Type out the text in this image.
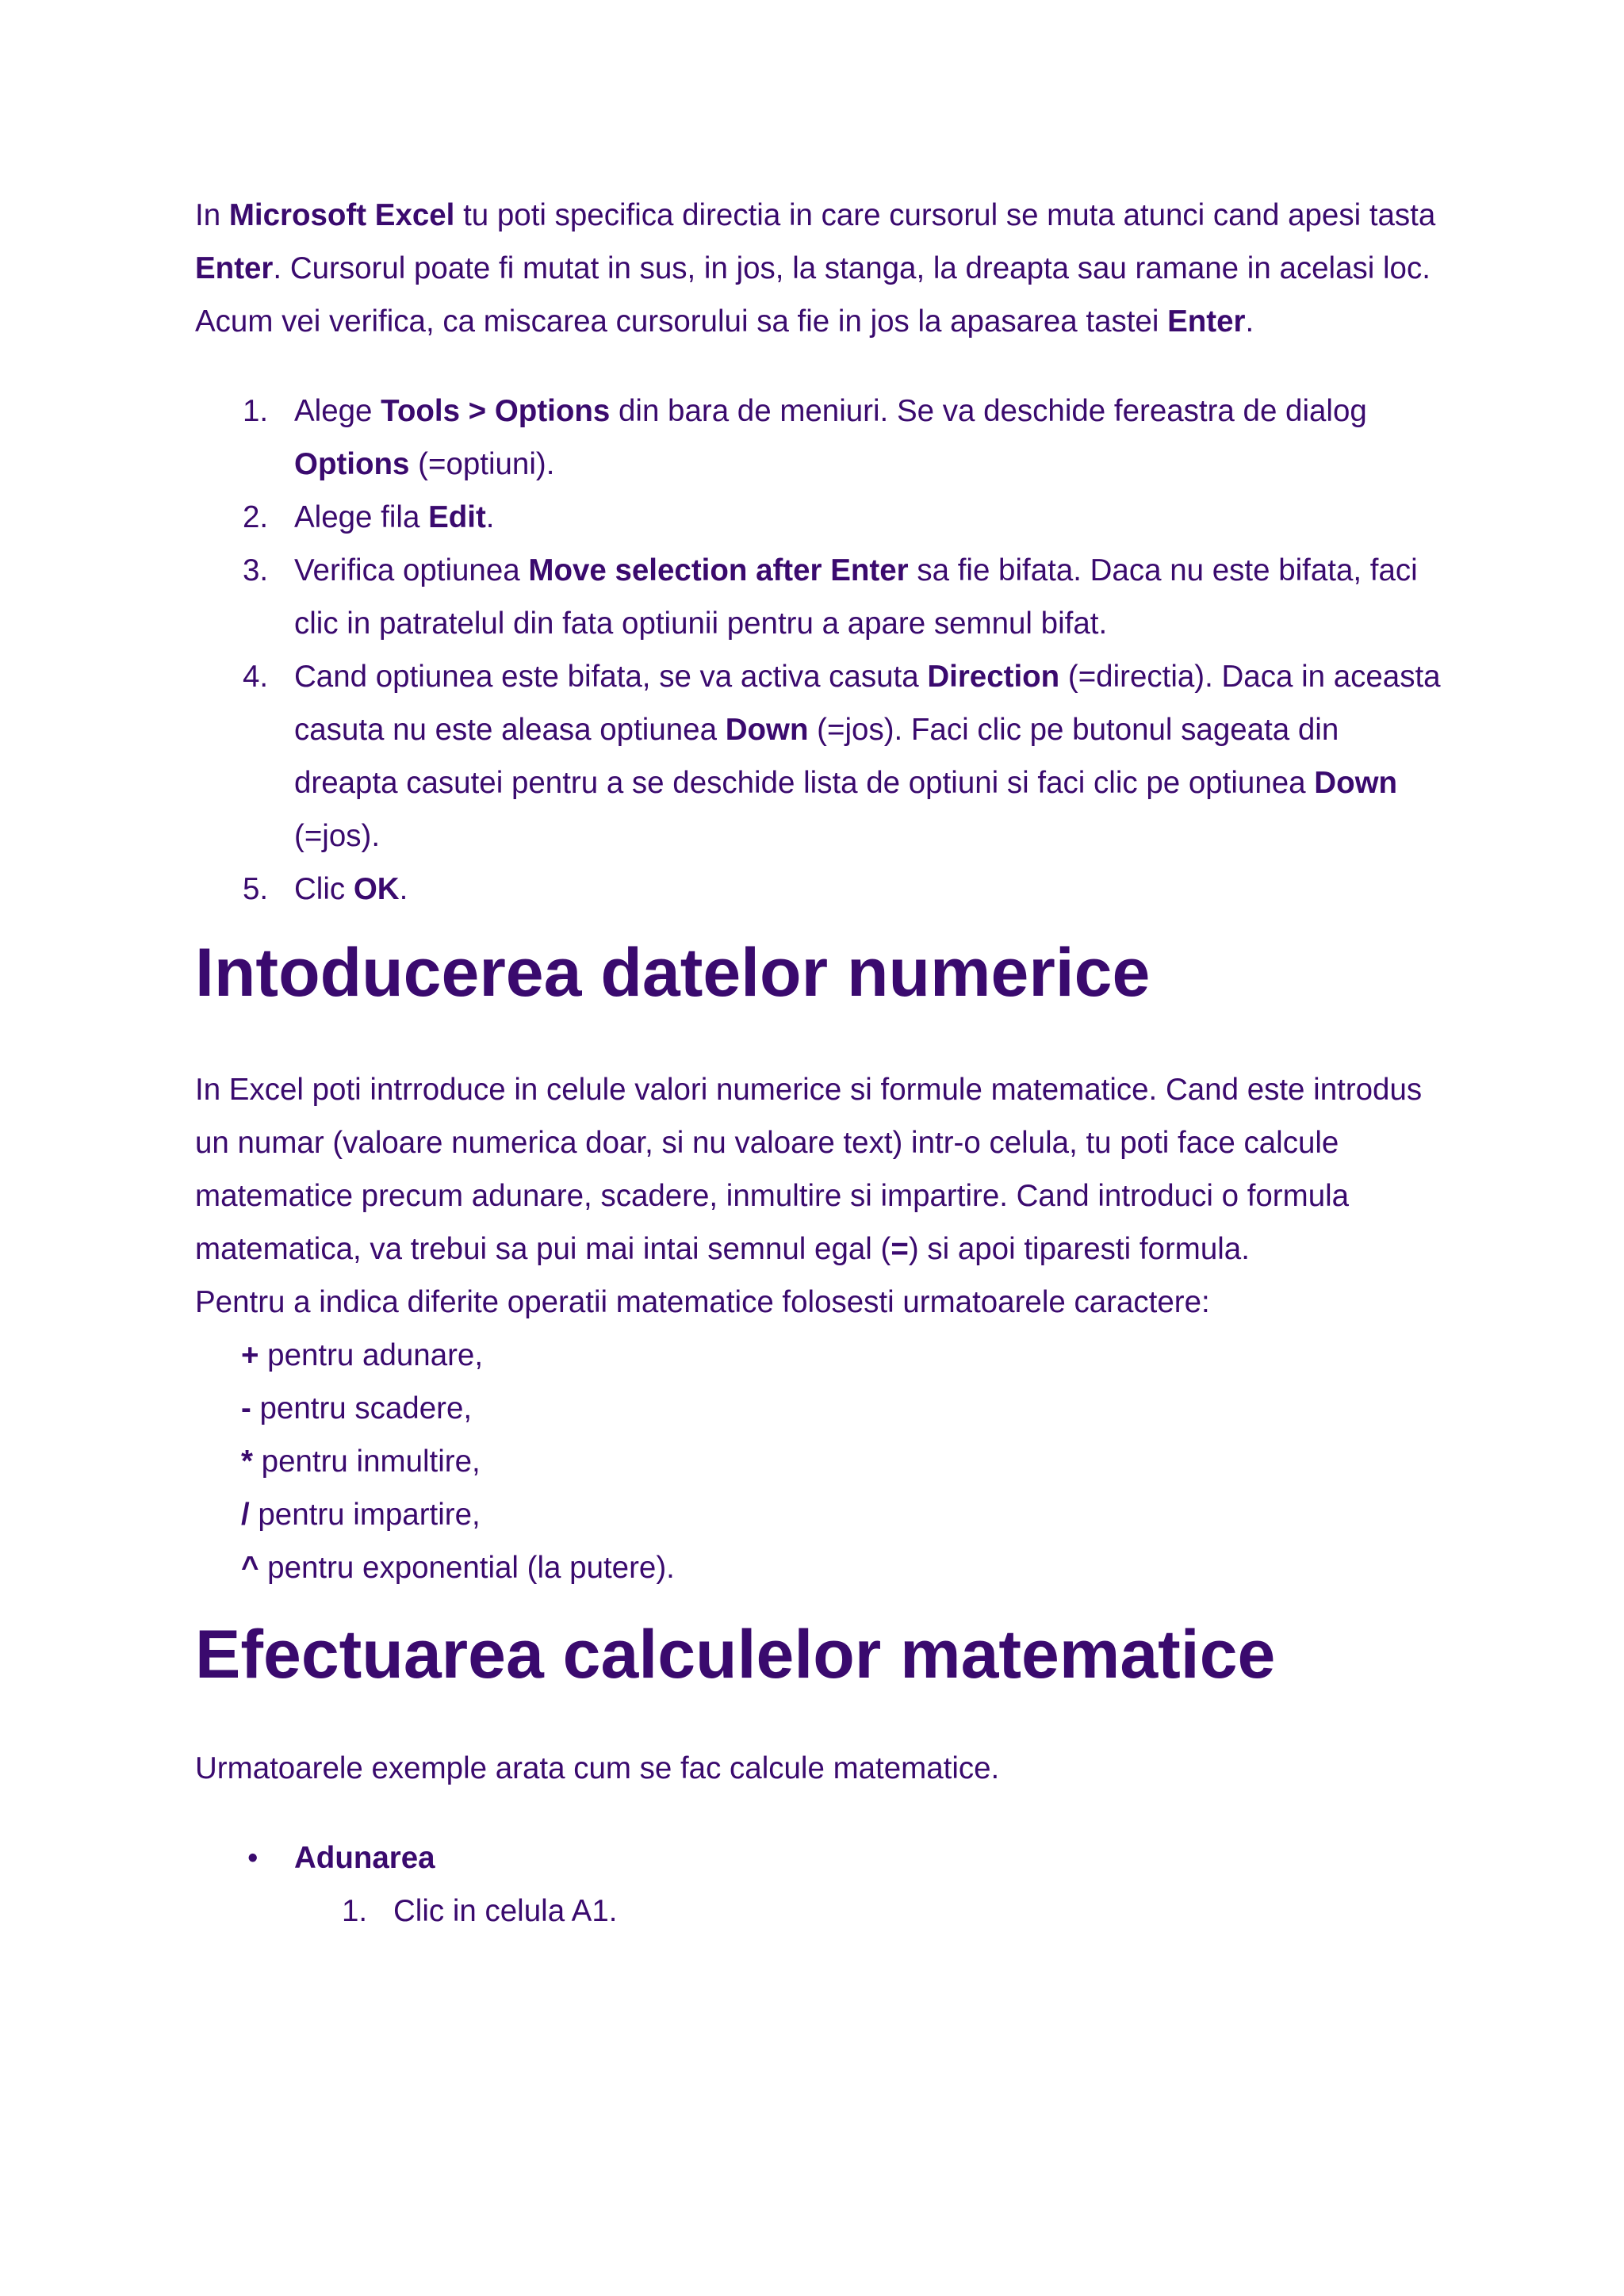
In Microsoft Excel tu poti specifica directia in care cursorul se muta atunci cand apesi tasta Enter. Cursorul poate fi mutat in sus, in jos, la stanga, la dreapta sau ramane in acelasi loc.

Acum vei verifica, ca miscarea cursorului sa fie in jos la apasarea tastei Enter.

1. Alege Tools > Options din bara de meniuri. Se va deschide fereastra de dialog Options (=optiuni).
2. Alege fila Edit.
3. Verifica optiunea Move selection after Enter sa fie bifata. Daca nu este bifata, faci clic in patratelul din fata optiunii pentru a apare semnul bifat.
4. Cand optiunea este bifata, se va activa casuta Direction (=directia). Daca in aceasta casuta nu este aleasa optiunea Down (=jos). Faci clic pe butonul sageata din dreapta casutei pentru a se deschide lista de optiuni si faci clic pe optiunea Down (=jos).
5. Clic OK.
Intoducerea datelor numerice

In Excel poti intrroduce in celule valori numerice si formule matematice. Cand este introdus un numar (valoare numerica doar, si nu valoare text) intr-o celula, tu poti face calcule matematice precum adunare, scadere, inmultire si impartire. Cand introduci o formula matematica, va trebui sa pui mai intai semnul egal (=) si apoi tiparesti formula.

Pentru a indica diferite operatii matematice folosesti urmatoarele caractere:

+ pentru adunare,
- pentru scadere,
* pentru inmultire,
/ pentru impartire,
^ pentru exponential (la putere).
Efectuarea calculelor matematice

Urmatoarele exemple arata cum se fac calcule matematice.

• Adunarea
1. Clic in celula A1.
